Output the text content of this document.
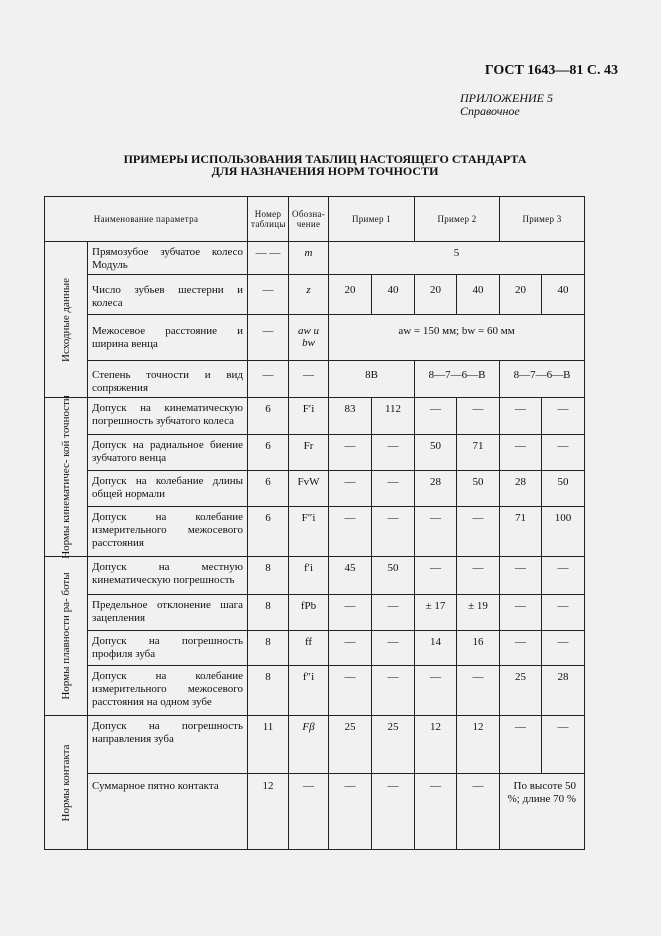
ГОСТ 1643—81 С. 43
ПРИЛОЖЕНИЕ 5
Справочное
ПРИМЕРЫ ИСПОЛЬЗОВАНИЯ ТАБЛИЦ НАСТОЯЩЕГО СТАНДАРТА
ДЛЯ НАЗНАЧЕНИЯ НОРМ ТОЧНОСТИ
Наименование параметра		Номер таблицы	Обозна- чение	Пример 1		Пример 2		Пример 3	

Исходные данные	Прямозубое зубчатое колесо Модуль	— —	m	5					
	Число зубьев шестерни и колеса	—	z	20	40	20	40	20	40
	Межосевое расстояние и ширина венца	—	aw и bw	aw = 150 мм; bw = 60 мм					
	Степень точности и вид сопряжения	—	—	8В		8—7—6—В		8—7—6—В	

Нормы кинематичес- кой точности	Допуск на кинематическую погрешность зубчатого колеса	6	F′i	83	112	—	—	—	—
	Допуск на радиальное биение зубчатого венца	6	Fr	—	—	50	71	—	—
	Допуск на колебание длины общей нормали	6	FvW	—	—	28	50	28	50
	Допуск на колебание измерительного межосевого расстояния	6	F″i	—	—	—	—	71	100

Нормы плавности ра- боты	Допуск на местную кинематическую погрешность	8	f′i	45	50	—	—	—	—
	Предельное отклонение шага зацепления	8	fPb	—	—	± 17	± 19	—	—
	Допуск на погрешность профиля зуба	8	ff	—	—	14	16	—	—
	Допуск на колебание измерительного межосевого расстояния на одном зубе	8	f″i	—	—	—	—	25	28

Нормы контакта	Допуск на погрешность направления зуба	11	Fβ	25	25	12	12	—	—
	Суммарное пятно контакта	12	—	—	—	—	—	По высоте 50 %; длине 70 %	
